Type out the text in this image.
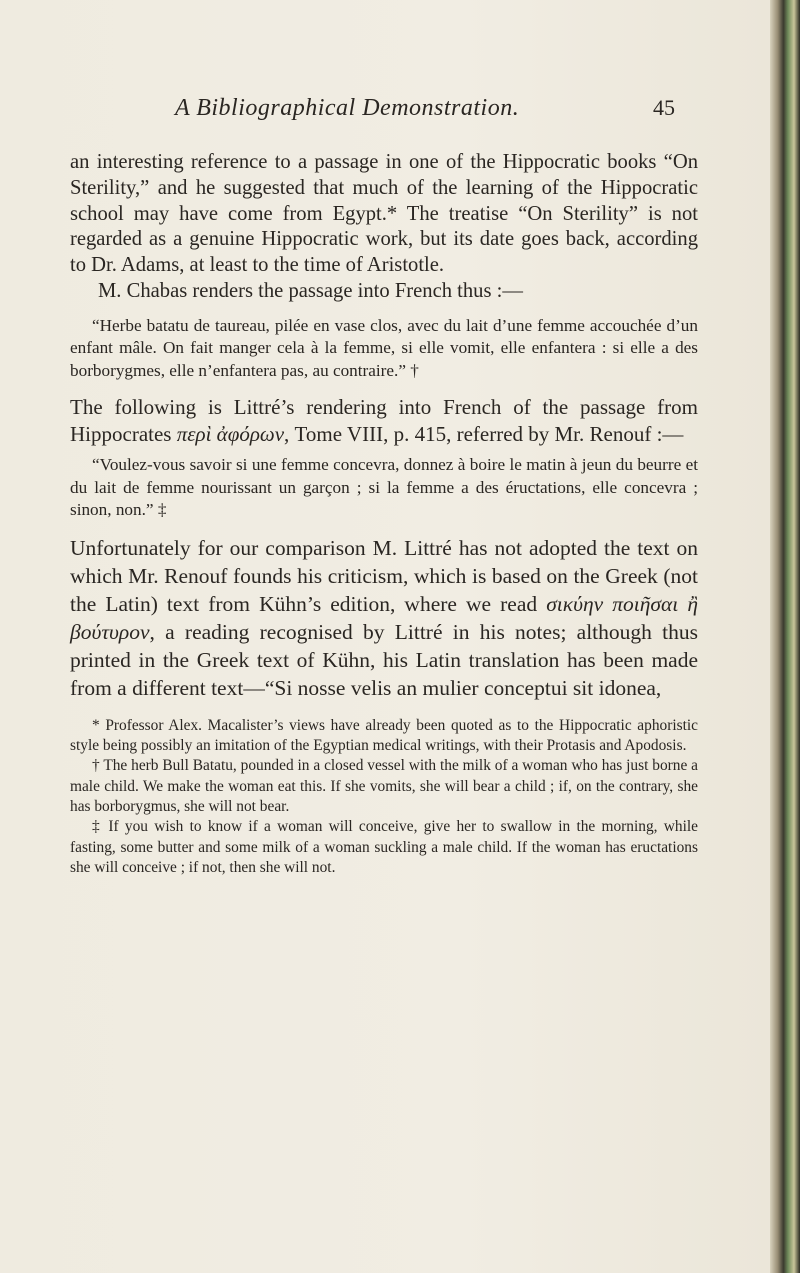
A Bibliographical Demonstration.	45

an interesting reference to a passage in one of the Hippocratic books “On Sterility,” and he suggested that much of the learning of the Hippocratic school may have come from Egypt.* The treatise “On Sterility” is not regarded as a genuine Hippocratic work, but its date goes back, according to Dr. Adams, at least to the time of Aristotle.

M. Chabas renders the passage into French thus :—

“Herbe batatu de taureau, pilée en vase clos, avec du lait d’une femme accouchée d’un enfant mâle. On fait manger cela à la femme, si elle vomit, elle enfantera : si elle a des borborygmes, elle n’enfantera pas, au contraire.” †

The following is Littré’s rendering into French of the passage from Hippocrates περὶ ἀφόρων, Tome VIII, p. 415, referred by Mr. Renouf :—

“Voulez-vous savoir si une femme concevra, donnez à boire le matin à jeun du beurre et du lait de femme nourissant un garçon ; si la femme a des éructations, elle concevra ; sinon, non.” ‡

Unfortunately for our comparison M. Littré has not adopted the text on which Mr. Renouf founds his criticism, which is based on the Greek (not the Latin) text from Kühn’s edition, where we read σικύην ποιῆσαι ἢ βούτυρον, a reading recognised by Littré in his notes; although thus printed in the Greek text of Kühn, his Latin translation has been made from a different text—“Si nosse velis an mulier conceptui sit idonea,

* Professor Alex. Macalister’s views have already been quoted as to the Hippocratic aphoristic style being possibly an imitation of the Egyptian medical writings, with their Protasis and Apodosis.

† The herb Bull Batatu, pounded in a closed vessel with the milk of a woman who has just borne a male child. We make the woman eat this. If she vomits, she will bear a child ; if, on the contrary, she has borborygmus, she will not bear.

‡ If you wish to know if a woman will conceive, give her to swallow in the morning, while fasting, some butter and some milk of a woman suckling a male child. If the woman has eructations she will conceive ; if not, then she will not.
